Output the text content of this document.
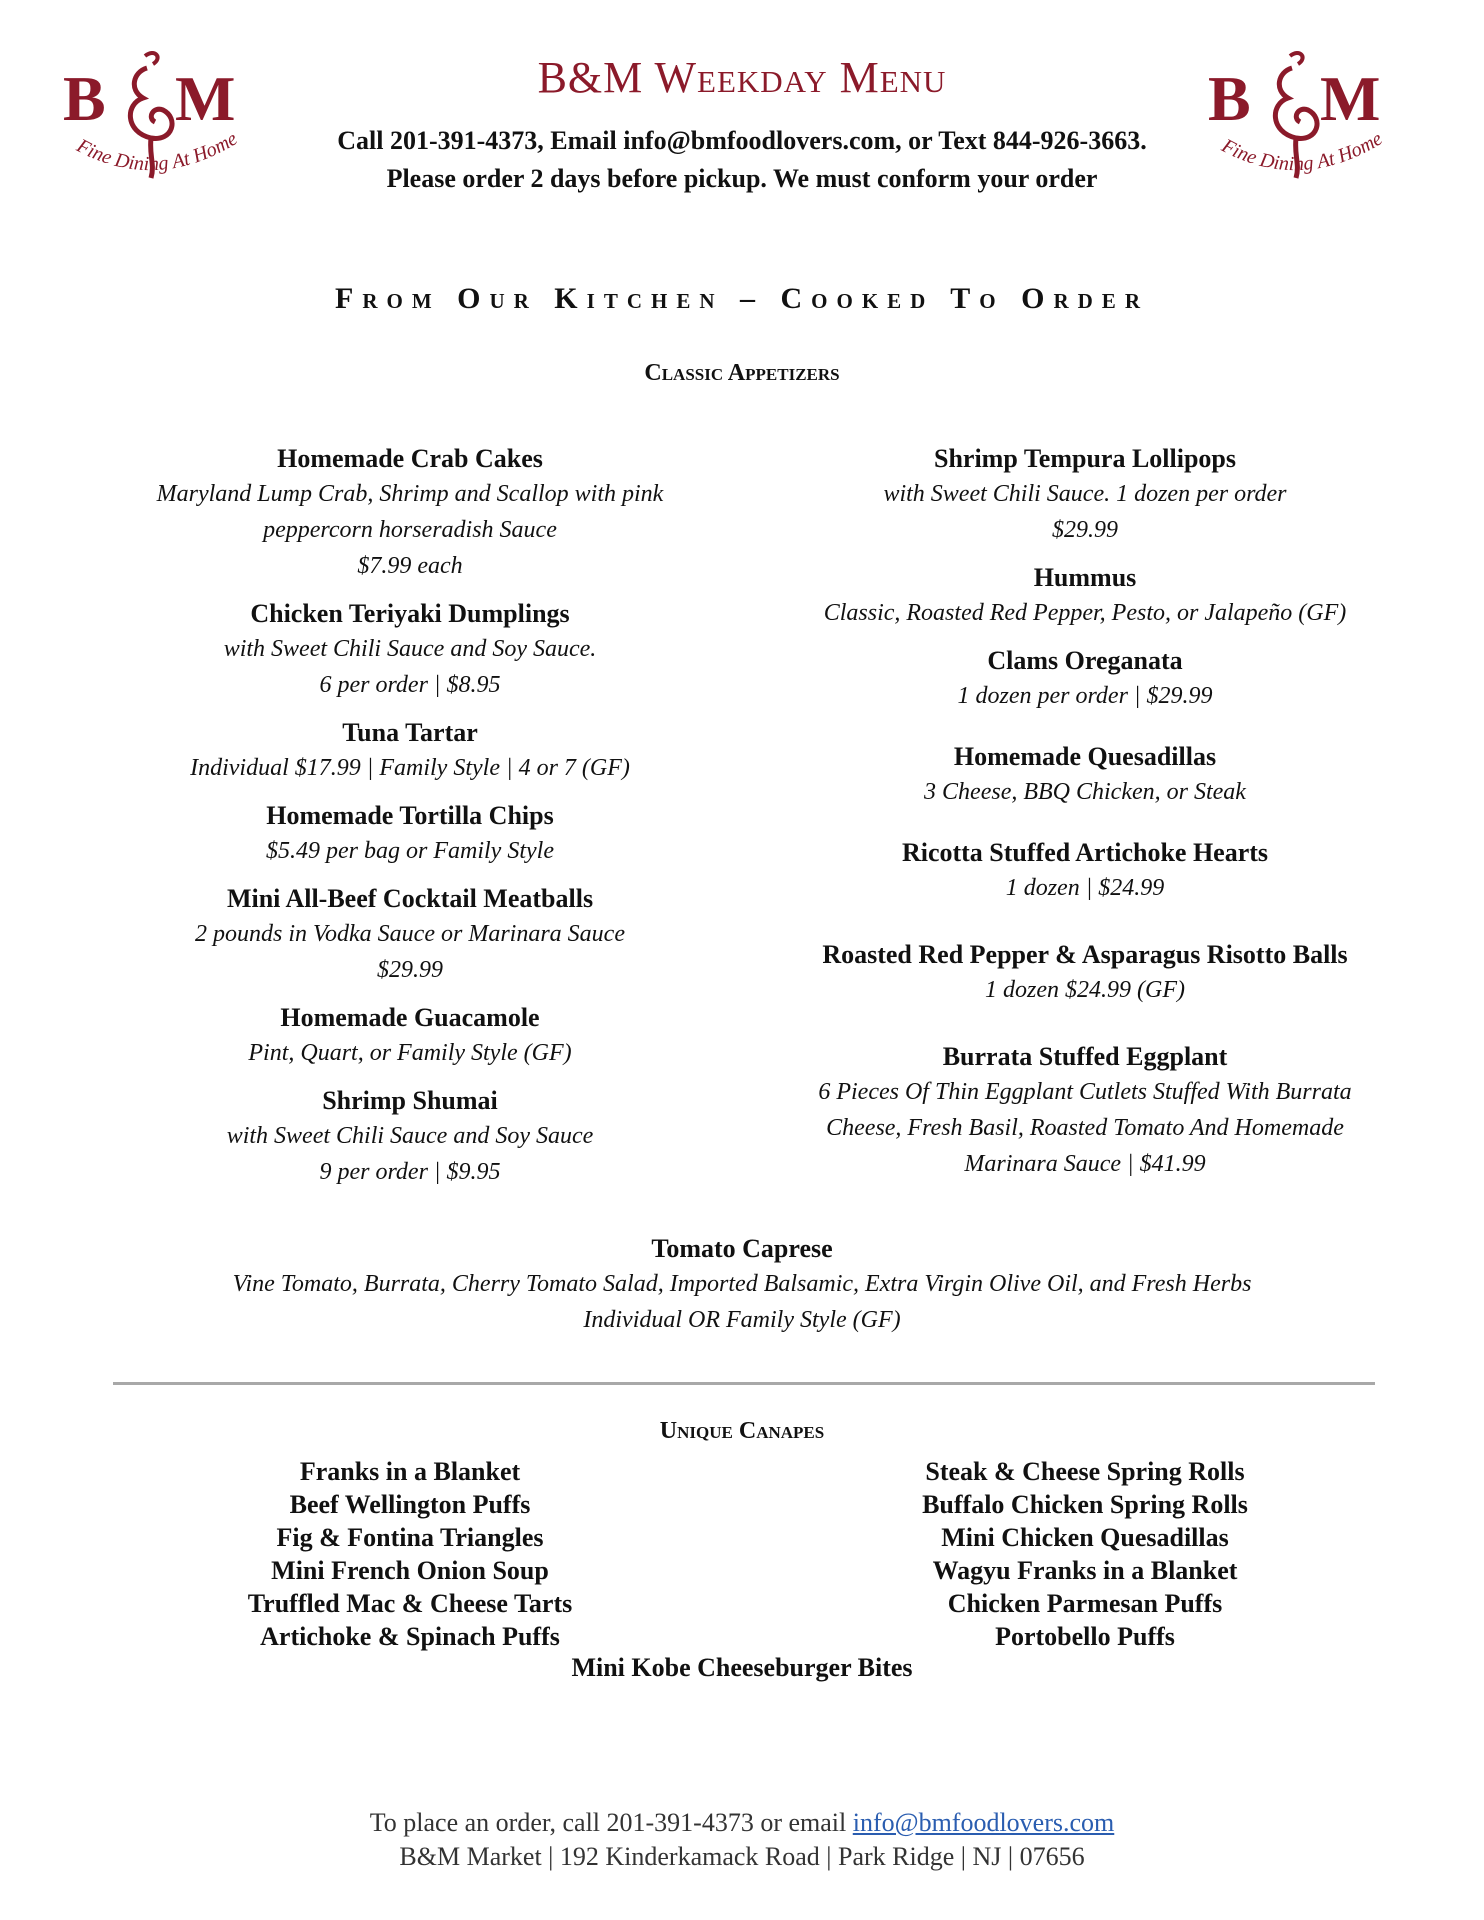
B M
Fine Dining At Home
B M
Fine Dining At Home
B&M Weekday Menu
Call 201-391-4373, Email info@bmfoodlovers.com, or Text 844-926-3663.
Please order 2 days before pickup. We must conform your order
From Our Kitchen – Cooked To Order
Classic Appetizers
Homemade Crab Cakes
Maryland Lump Crab, Shrimp and Scallop with pink
peppercorn horseradish Sauce
$7.99 each
Chicken Teriyaki Dumplings
with Sweet Chili Sauce and Soy Sauce.
6 per order | $8.95
Tuna Tartar
Individual $17.99 | Family Style | 4 or 7 (GF)
Homemade Tortilla Chips
$5.49 per bag or Family Style
Mini All-Beef Cocktail Meatballs
2 pounds in Vodka Sauce or Marinara Sauce
$29.99
Homemade Guacamole
Pint, Quart, or Family Style (GF)
Shrimp Shumai
with Sweet Chili Sauce and Soy Sauce
9 per order | $9.95
Shrimp Tempura Lollipops
with Sweet Chili Sauce. 1 dozen per order
$29.99
Hummus
Classic, Roasted Red Pepper, Pesto, or Jalapeño (GF)
Clams Oreganata
1 dozen per order | $29.99
Homemade Quesadillas
3 Cheese, BBQ Chicken, or Steak
Ricotta Stuffed Artichoke Hearts
1 dozen | $24.99
Roasted Red Pepper & Asparagus Risotto Balls
1 dozen $24.99 (GF)
Burrata Stuffed Eggplant
6 Pieces Of Thin Eggplant Cutlets Stuffed With Burrata
Cheese, Fresh Basil, Roasted Tomato And Homemade
Marinara Sauce | $41.99
Tomato Caprese
Vine Tomato, Burrata, Cherry Tomato Salad, Imported Balsamic, Extra Virgin Olive Oil, and Fresh Herbs
Individual OR Family Style (GF)
Unique Canapes
Franks in a Blanket
Beef Wellington Puffs
Fig & Fontina Triangles
Mini French Onion Soup
Truffled Mac & Cheese Tarts
Artichoke & Spinach Puffs
Steak & Cheese Spring Rolls
Buffalo Chicken Spring Rolls
Mini Chicken Quesadillas
Wagyu Franks in a Blanket
Chicken Parmesan Puffs
Portobello Puffs
Mini Kobe Cheeseburger Bites
To place an order, call 201-391-4373 or email info@bmfoodlovers.com
B&M Market | 192 Kinderkamack Road | Park Ridge | NJ | 07656
